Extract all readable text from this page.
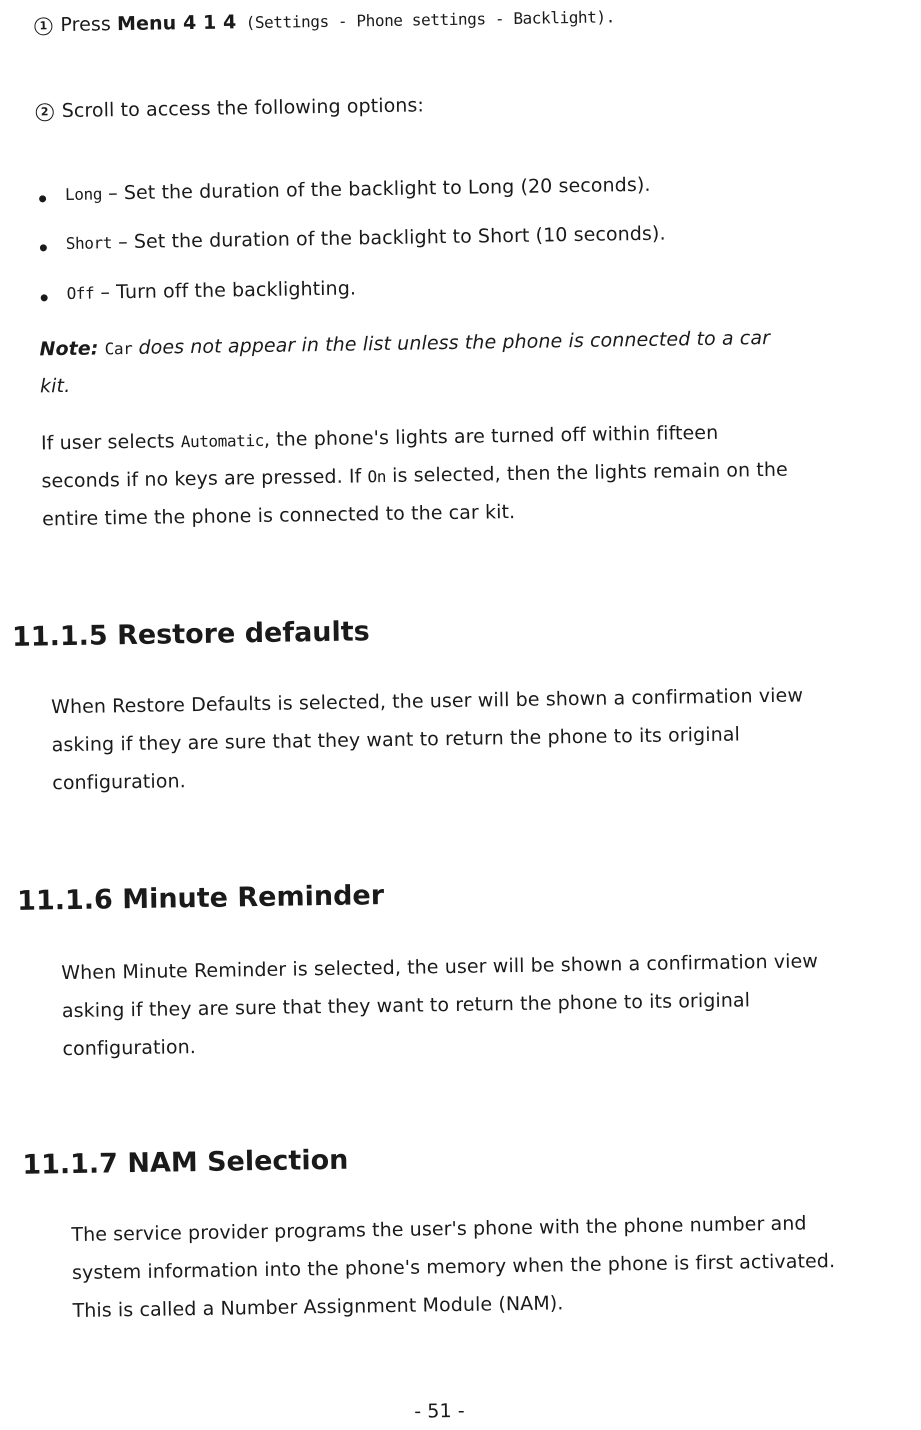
1 Press Menu 4 1 4 (Settings - Phone settings - Backlight).
2 Scroll to access the following options:
Long – Set the duration of the backlight to Long (20 seconds).
Short – Set the duration of the backlight to Short (10 seconds).
Off – Turn off the backlighting.
Note: Car does not appear in the list unless the phone is connected to a car
kit.
If user selects Automatic, the phone's lights are turned off within fifteen
seconds if no keys are pressed. If On is selected, then the lights remain on the
entire time the phone is connected to the car kit.
11.1.5 Restore defaults
When Restore Defaults is selected, the user will be shown a confirmation view
asking if they are sure that they want to return the phone to its original
configuration.
11.1.6 Minute Reminder
When Minute Reminder is selected, the user will be shown a confirmation view
asking if they are sure that they want to return the phone to its original
configuration.
11.1.7 NAM Selection
The service provider programs the user's phone with the phone number and
system information into the phone's memory when the phone is first activated.
This is called a Number Assignment Module (NAM).
- 51 -
